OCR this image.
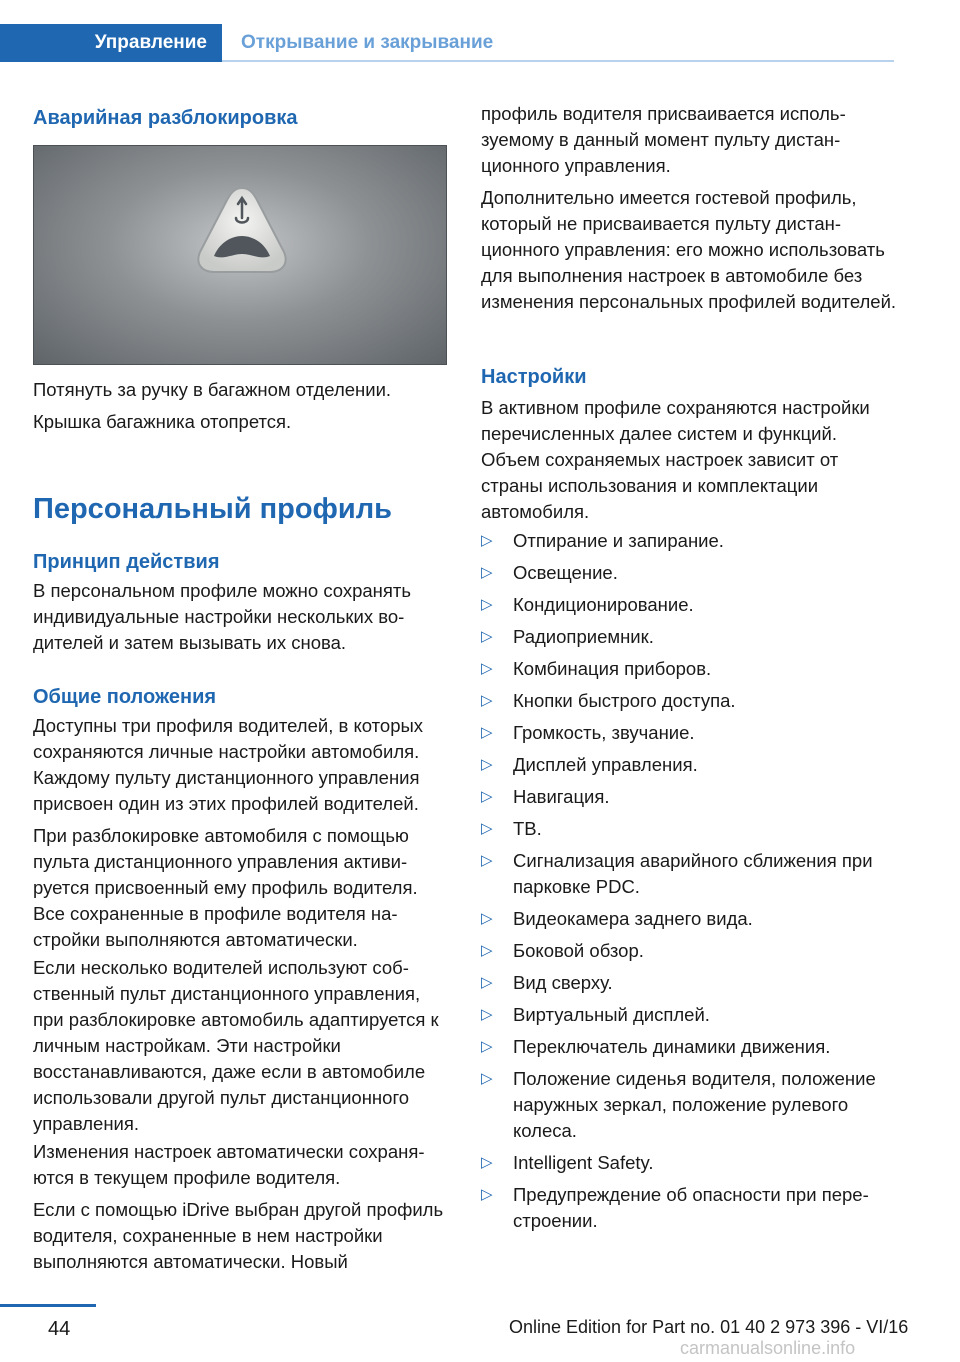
Управление	Открывание и закрывание
Аварийная разблокировка

Потянуть за ручку в багажном отделении.

Крышка багажника отопрется.

Персональный профиль
Принцип действия

В персональном профиле можно сохранять индивидуальные настройки нескольких водителей и затем вызывать их снова.

Общие положения

Доступны три профиля водителей, в которых сохраняются личные настройки автомобиля. Каждому пульту дистанционного управления присвоен один из этих профилей водителей.

При разблокировке автомобиля с помощью пульта дистанционного управления активируется присвоенный ему профиль водителя. Все сохраненные в профиле водителя настройки выполняются автоматически.

Если несколько водителей используют собственный пульт дистанционного управления, при разблокировке автомобиль адаптируется к личным настройкам. Эти настройки восстанавливаются, даже если в автомобиле использовали другой пульт дистанционного управления.

Изменения настроек автоматически сохраняются в текущем профиле водителя.

Если с помощью iDrive выбран другой профиль водителя, сохраненные в нем настройки выполняются автоматически. Новый

профиль водителя присваивается используемому в данный момент пульту дистанционного управления.

Дополнительно имеется гостевой профиль, который не присваивается пульту дистанционного управления: его можно использовать для выполнения настроек в автомобиле без изменения персональных профилей водителей.

Настройки

В активном профиле сохраняются настройки перечисленных далее систем и функций. Объем сохраняемых настроек зависит от страны использования и комплектации автомобиля.

▷ Отпирание и запирание.
▷ Освещение.
▷ Кондиционирование.
▷ Радиоприемник.
▷ Комбинация приборов.
▷ Кнопки быстрого доступа.
▷ Громкость, звучание.
▷ Дисплей управления.
▷ Навигация.
▷ ТВ.
▷ Сигнализация аварийного сближения при парковке PDC.
▷ Видеокамера заднего вида.
▷ Боковой обзор.
▷ Вид сверху.
▷ Виртуальный дисплей.
▷ Переключатель динамики движения.
▷ Положение сиденья водителя, положение наружных зеркал, положение рулевого колеса.
▷ Intelligent Safety.
▷ Предупреждение об опасности при перестроении.
44	Online Edition for Part no. 01 40 2 973 396 - VI/16
carmanualsonline.info
